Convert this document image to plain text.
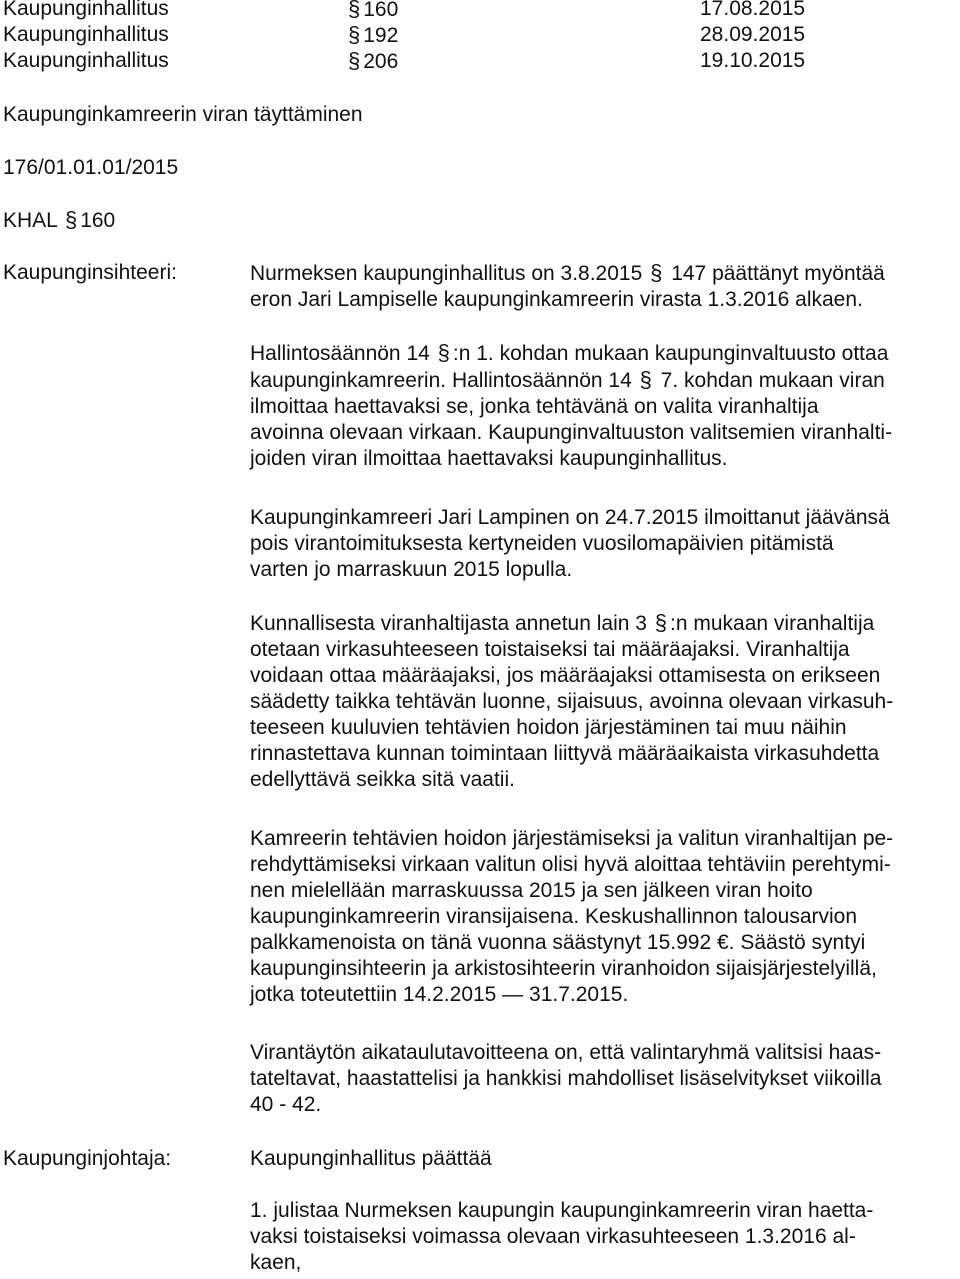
Kaupunginhallitus	§ 160	17.08.2015
Kaupunginhallitus	§ 192	28.09.2015
Kaupunginhallitus	§ 206	19.10.2015
Kaupunginkamreerin viran täyttäminen
176/01.01.01/2015
KHAL § 160
Kaupunginsihteeri:	Nurmeksen kaupunginhallitus on 3.8.2015 § 147 päättänyt myöntää
eron Jari Lampiselle kaupunginkamreerin virasta 1.3.2016 alkaen.
Hallintosäännön 14 § :n 1. kohdan mukaan kaupunginvaltuusto ottaa
kaupunginkamreerin. Hallintosäännön 14 § 7. kohdan mukaan viran
ilmoittaa haettavaksi se, jonka tehtävänä on valita viranhaltija
avoinna olevaan virkaan. Kaupunginvaltuuston valitsemien viranhalti-
joiden viran ilmoittaa haettavaksi kaupunginhallitus.
Kaupunginkamreeri Jari Lampinen on 24.7.2015 ilmoittanut jäävänsä
pois virantoimituksesta kertyneiden vuosilomapäivien pitämistä
varten jo marraskuun 2015 lopulla.
Kunnallisesta viranhaltijasta annetun lain 3 § :n mukaan viranhaltija
otetaan virkasuhteeseen toistaiseksi tai määräajaksi. Viranhaltija
voidaan ottaa määräajaksi, jos määräajaksi ottamisesta on erikseen
säädetty taikka tehtävän luonne, sijaisuus, avoinna olevaan virkasuh-
teeseen kuuluvien tehtävien hoidon järjestäminen tai muu näihin
rinnastettava kunnan toimintaan liittyvä määräaikaista virkasuhdetta
edellyttävä seikka sitä vaatii.
Kamreerin tehtävien hoidon järjestämiseksi ja valitun viranhaltijan pe-
rehdyttämiseksi virkaan valitun olisi hyvä aloittaa tehtäviin perehtymi-
nen mielellään marraskuussa 2015 ja sen jälkeen viran hoito
kaupunginkamreerin viransijaisena. Keskushallinnon talousarvion
palkkamenoista on tänä vuonna säästynyt 15.992 €. Säästö syntyi
kaupunginsihteerin ja arkistosihteerin viranhoidon sijaisjärjestelyillä,
jotka toteutettiin 14.2.2015 — 31.7.2015.
Virantäytön aikataulutavoitteena on, että valintaryhmä valitsisi haas-
tateltavat, haastattelisi ja hankkisi mahdolliset lisäselvitykset viikoilla
40 - 42.
Kaupunginjohtaja:	Kaupunginhallitus päättää
1. julistaa Nurmeksen kaupungin kaupunginkamreerin viran haetta-
vaksi toistaiseksi voimassa olevaan virkasuhteeseen 1.3.2016 al-
kaen,
